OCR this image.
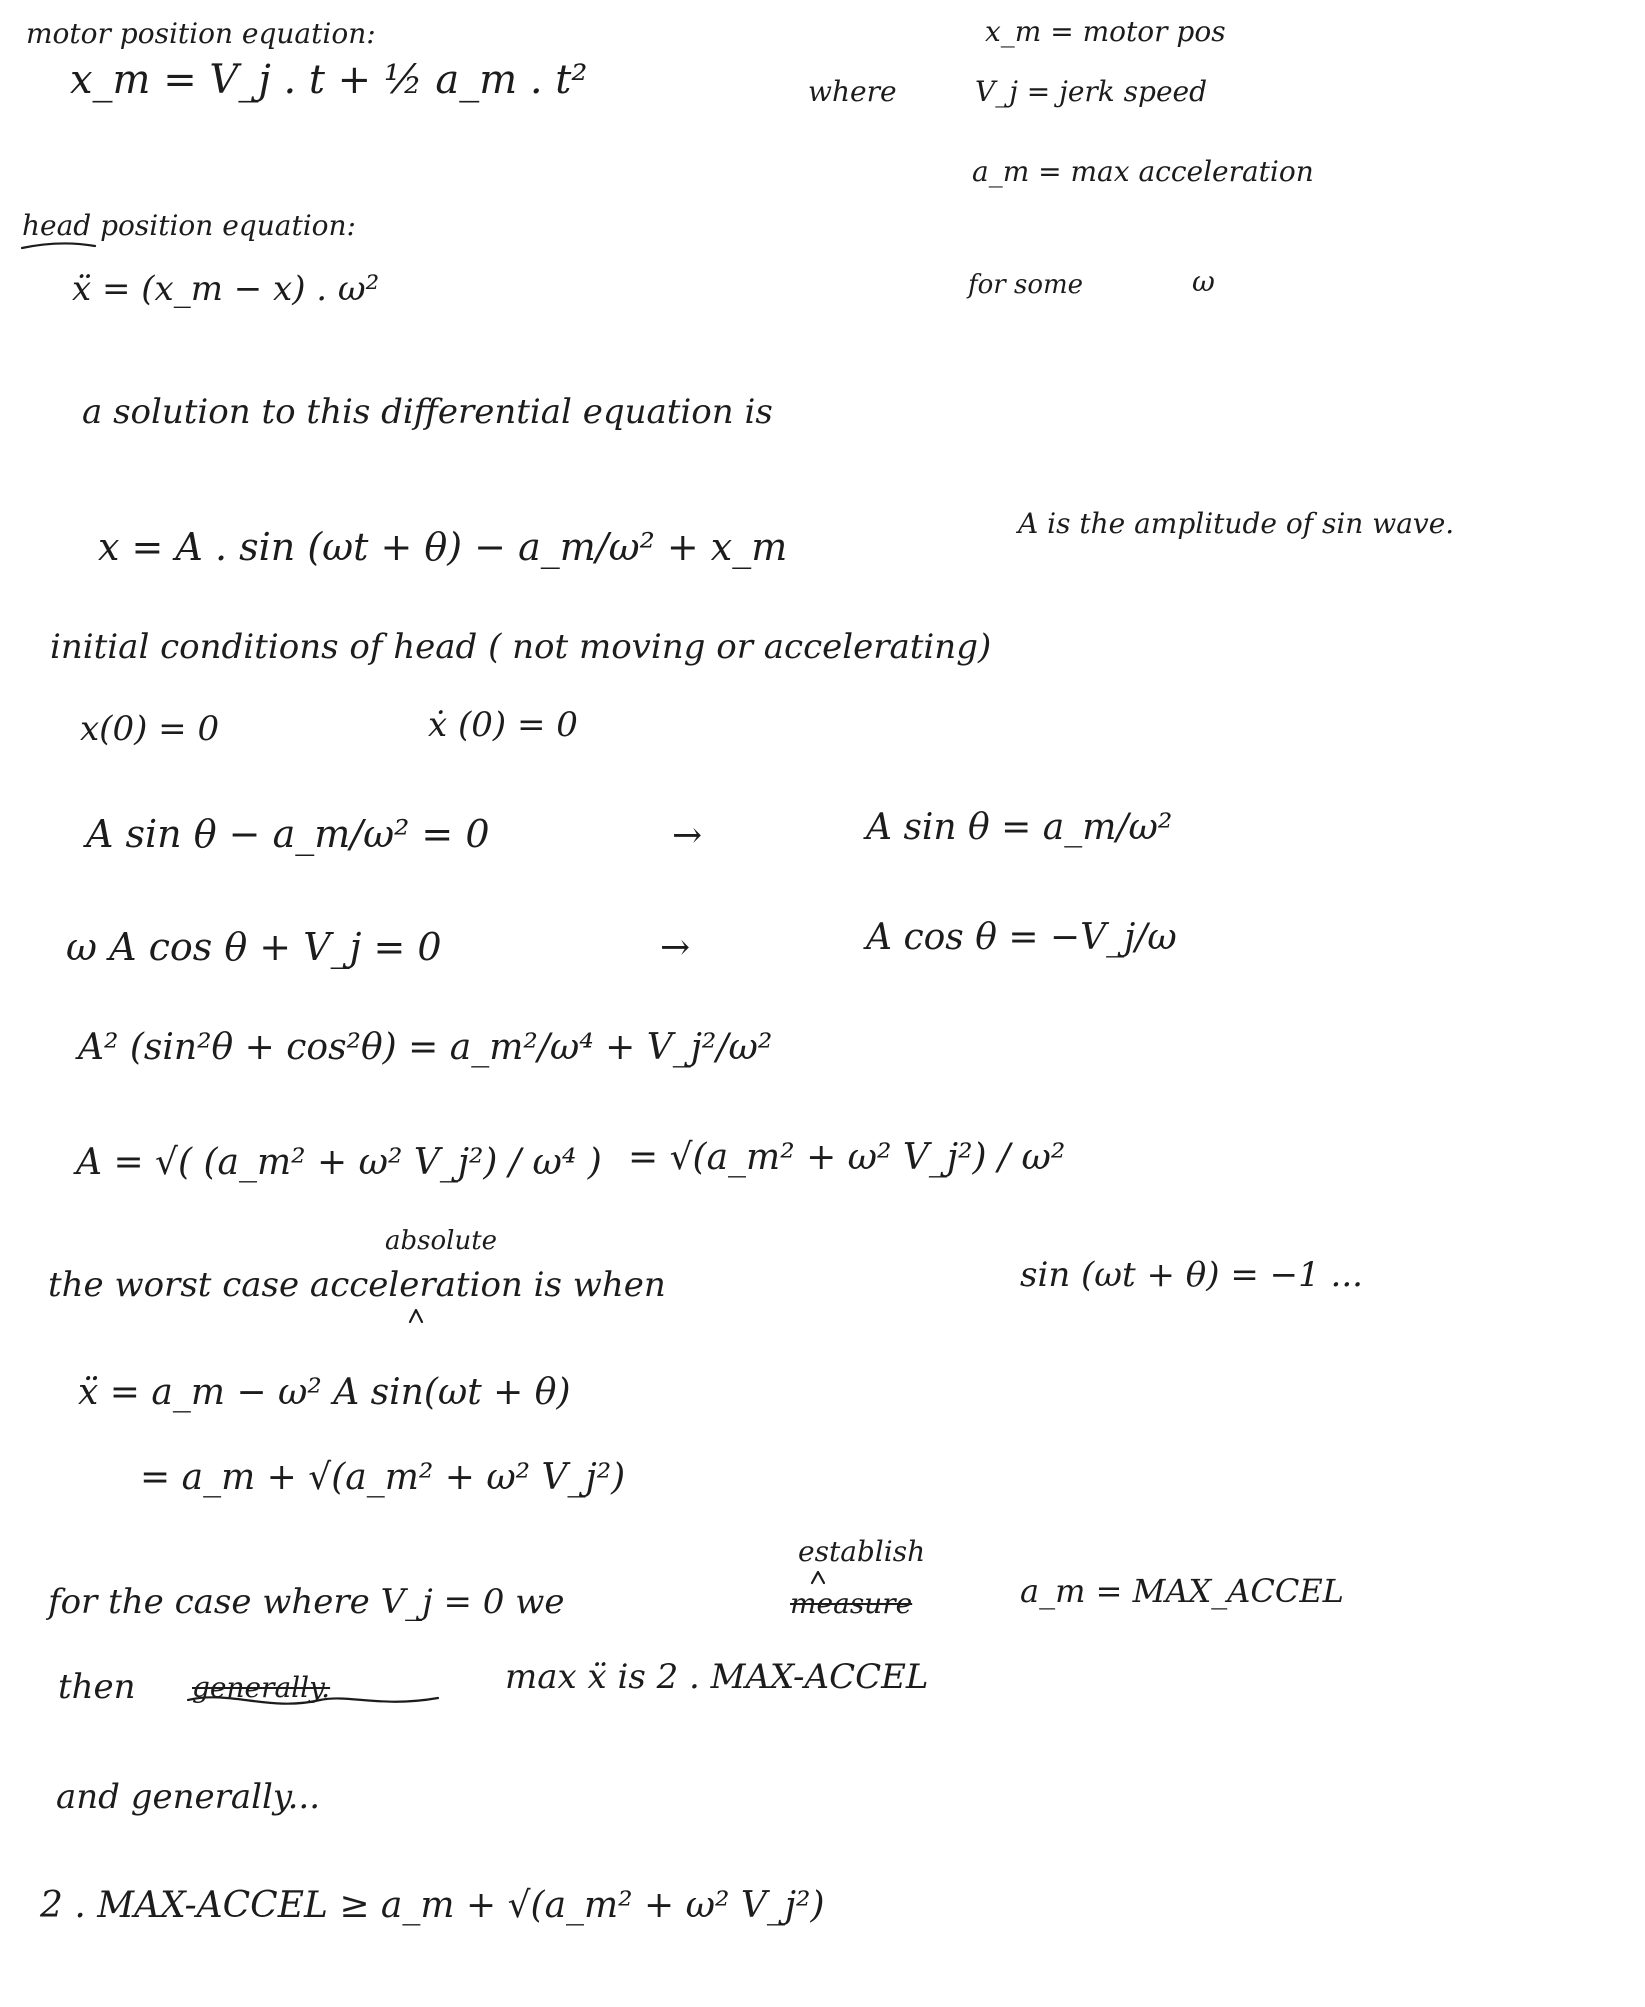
motor position equation:
x_m = V_j . t + ½ a_m . t²
x_m = motor pos
where	V_j = jerk speed
a_m = max acceleration
for some	ω
head position equation:
ẍ = (x_m − x) . ω²
a solution to this differential equation is
x = A . sin (ωt + θ) − a_m/ω² + x_m
A is the amplitude of sin wave.
initial conditions of head ( not moving or accelerating)
x(0) = 0	ẋ (0) = 0
A sin θ − a_m/ω² = 0	→	A sin θ = a_m/ω²
ω A cos θ + V_j = 0	→	A cos θ = −V_j/ω
A² (sin²θ + cos²θ) = a_m²/ω⁴ + V_j²/ω²
A = √( (a_m² + ω² V_j²) / ω⁴ ) = √(a_m² + ω² V_j²) / ω²
absolute
the worst case acceleration is when	sin (ωt + θ) = −1 ...
ẍ = a_m − ω² A sin(ωt + θ)
= a_m + √(a_m² + ω² V_j²)
establish
for the case where V_j = 0 we	measure	a_m = MAX_ACCEL
then generally.	max ẍ is 2 . MAX-ACCEL
and generally...
2 . MAX-ACCEL ≥ a_m + √(a_m² + ω² V_j²)
